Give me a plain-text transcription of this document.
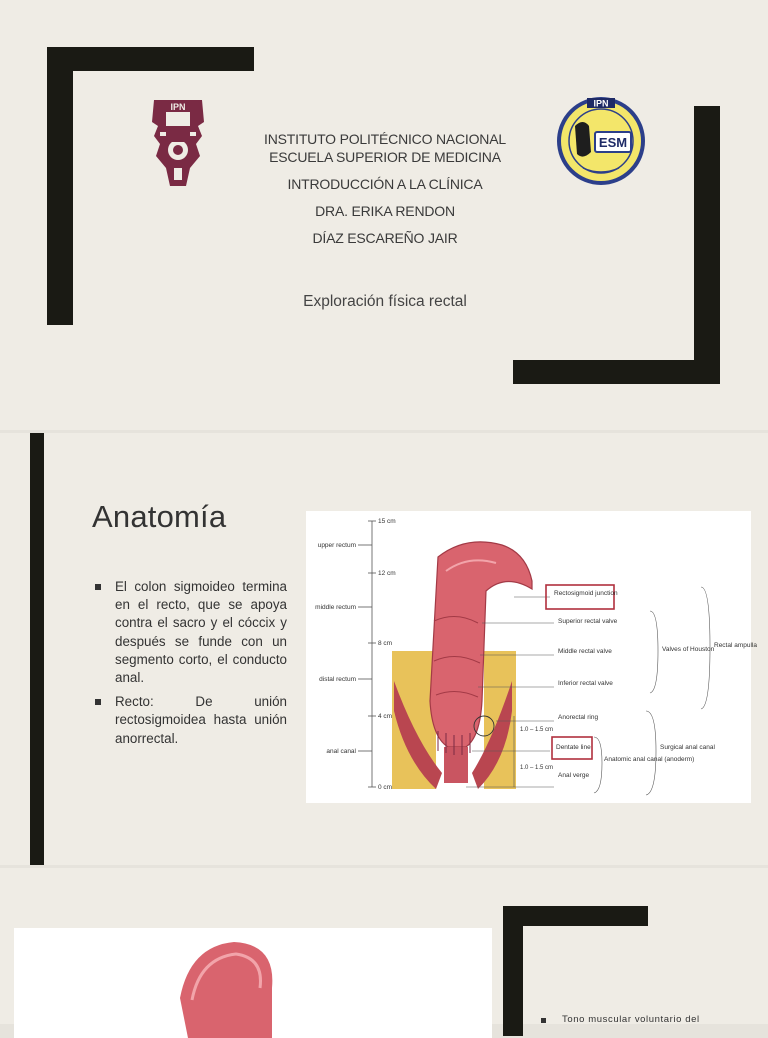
IPN	IPN
ESM
INSTITUTO POLITÉCNICO NACIONAL
ESCUELA SUPERIOR DE MEDICINA
INTRODUCCIÓN A LA CLÍNICA
DRA. ERIKA RENDON
DÍAZ ESCAREÑO JAIR
Exploración física rectal
Anatomía
El colon sigmoideo termina en el recto, que se apoya contra el sacro y el cóccix y después se funde con un segmento corto, el conducto anal.
Recto: De unión rectosigmoidea hasta unión anorrectal.
15 cm
12 cm
8 cm
4 cm
0 cm
upper rectum
middle rectum
distal rectum
anal canal
Rectosigmoid junction
Superior rectal valve
Middle rectal valve
Inferior rectal valve
Anorectal ring
Dentate line
Anal verge
1.0 – 1.5 cm
1.0 – 1.5 cm
Valves of Houston
Rectal ampulla
Surgical anal canal
Anatomic anal canal (anoderm)
Tono muscular voluntario del
